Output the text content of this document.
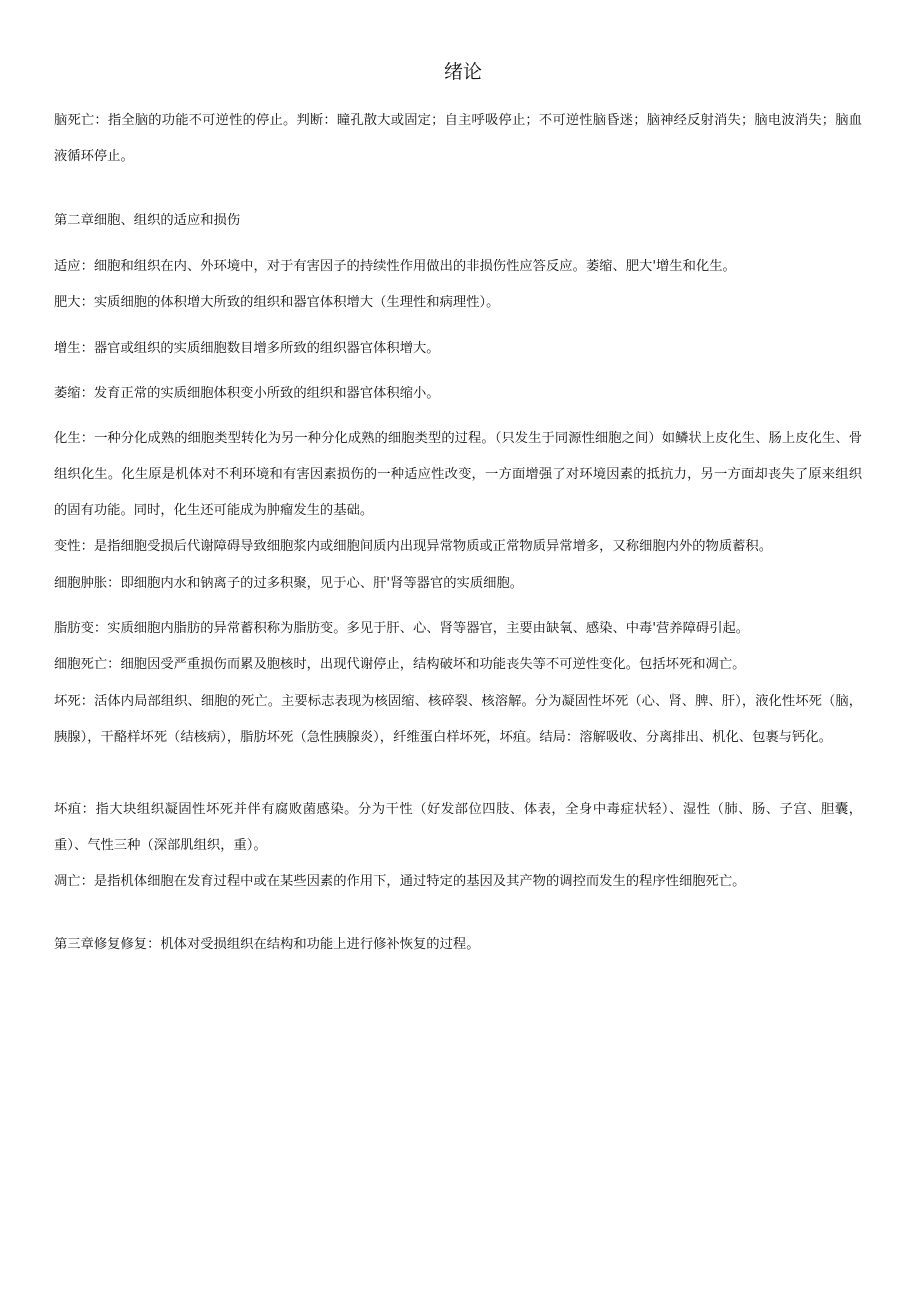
绪论

脑死亡：指全脑的功能不可逆性的停止。判断：瞳孔散大或固定；自主呼吸停止；不可逆性脑昏迷；脑神经反射消失；脑电波消失；脑血液循环停止。

第二章细胞、组织的适应和损伤

适应：细胞和组织在内、外环境中，对于有害因子的持续性作用做出的非损伤性应答反应。萎缩、肥大'增生和化生。

肥大：实质细胞的体积增大所致的组织和器官体积增大（生理性和病理性）。

增生：器官或组织的实质细胞数目增多所致的组织器官体积增大。

萎缩：发育正常的实质细胞体积变小所致的组织和器官体积缩小。

化生：一种分化成熟的细胞类型转化为另一种分化成熟的细胞类型的过程。（只发生于同源性细胞之间）如鳞状上皮化生、肠上皮化生、骨组织化生。化生原是机体对不利环境和有害因素损伤的一种适应性改变，一方面增强了对环境因素的抵抗力，另一方面却丧失了原来组织的固有功能。同时，化生还可能成为肿瘤发生的基础。

变性：是指细胞受损后代谢障碍导致细胞浆内或细胞间质内出现异常物质或正常物质异常增多，又称细胞内外的物质蓄积。

细胞肿胀：即细胞内水和钠离子的过多积聚，见于心、肝'肾等器官的实质细胞。

脂肪变：实质细胞内脂肪的异常蓄积称为脂肪变。多见于肝、心、肾等器官，主要由缺氧、感染、中毒'营养障碍引起。

细胞死亡：细胞因受严重损伤而累及胞核时，出现代谢停止，结构破坏和功能丧失等不可逆性变化。包括坏死和凋亡。

坏死：活体内局部组织、细胞的死亡。主要标志表现为核固缩、核碎裂、核溶解。分为凝固性坏死（心、肾、脾、肝），液化性坏死（脑，胰腺），干酪样坏死（结核病），脂肪坏死（急性胰腺炎），纤维蛋白样坏死，坏疽。结局：溶解吸收、分离排出、机化、包裹与钙化。

坏疽：指大块组织凝固性坏死并伴有腐败菌感染。分为干性（好发部位四肢、体表，全身中毒症状轻）、湿性（肺、肠、子宫、胆囊，重）、气性三种（深部肌组织，重）。

凋亡：是指机体细胞在发育过程中或在某些因素的作用下，通过特定的基因及其产物的调控而发生的程序性细胞死亡。

第三章修复修复：机体对受损组织在结构和功能上进行修补恢复的过程。
